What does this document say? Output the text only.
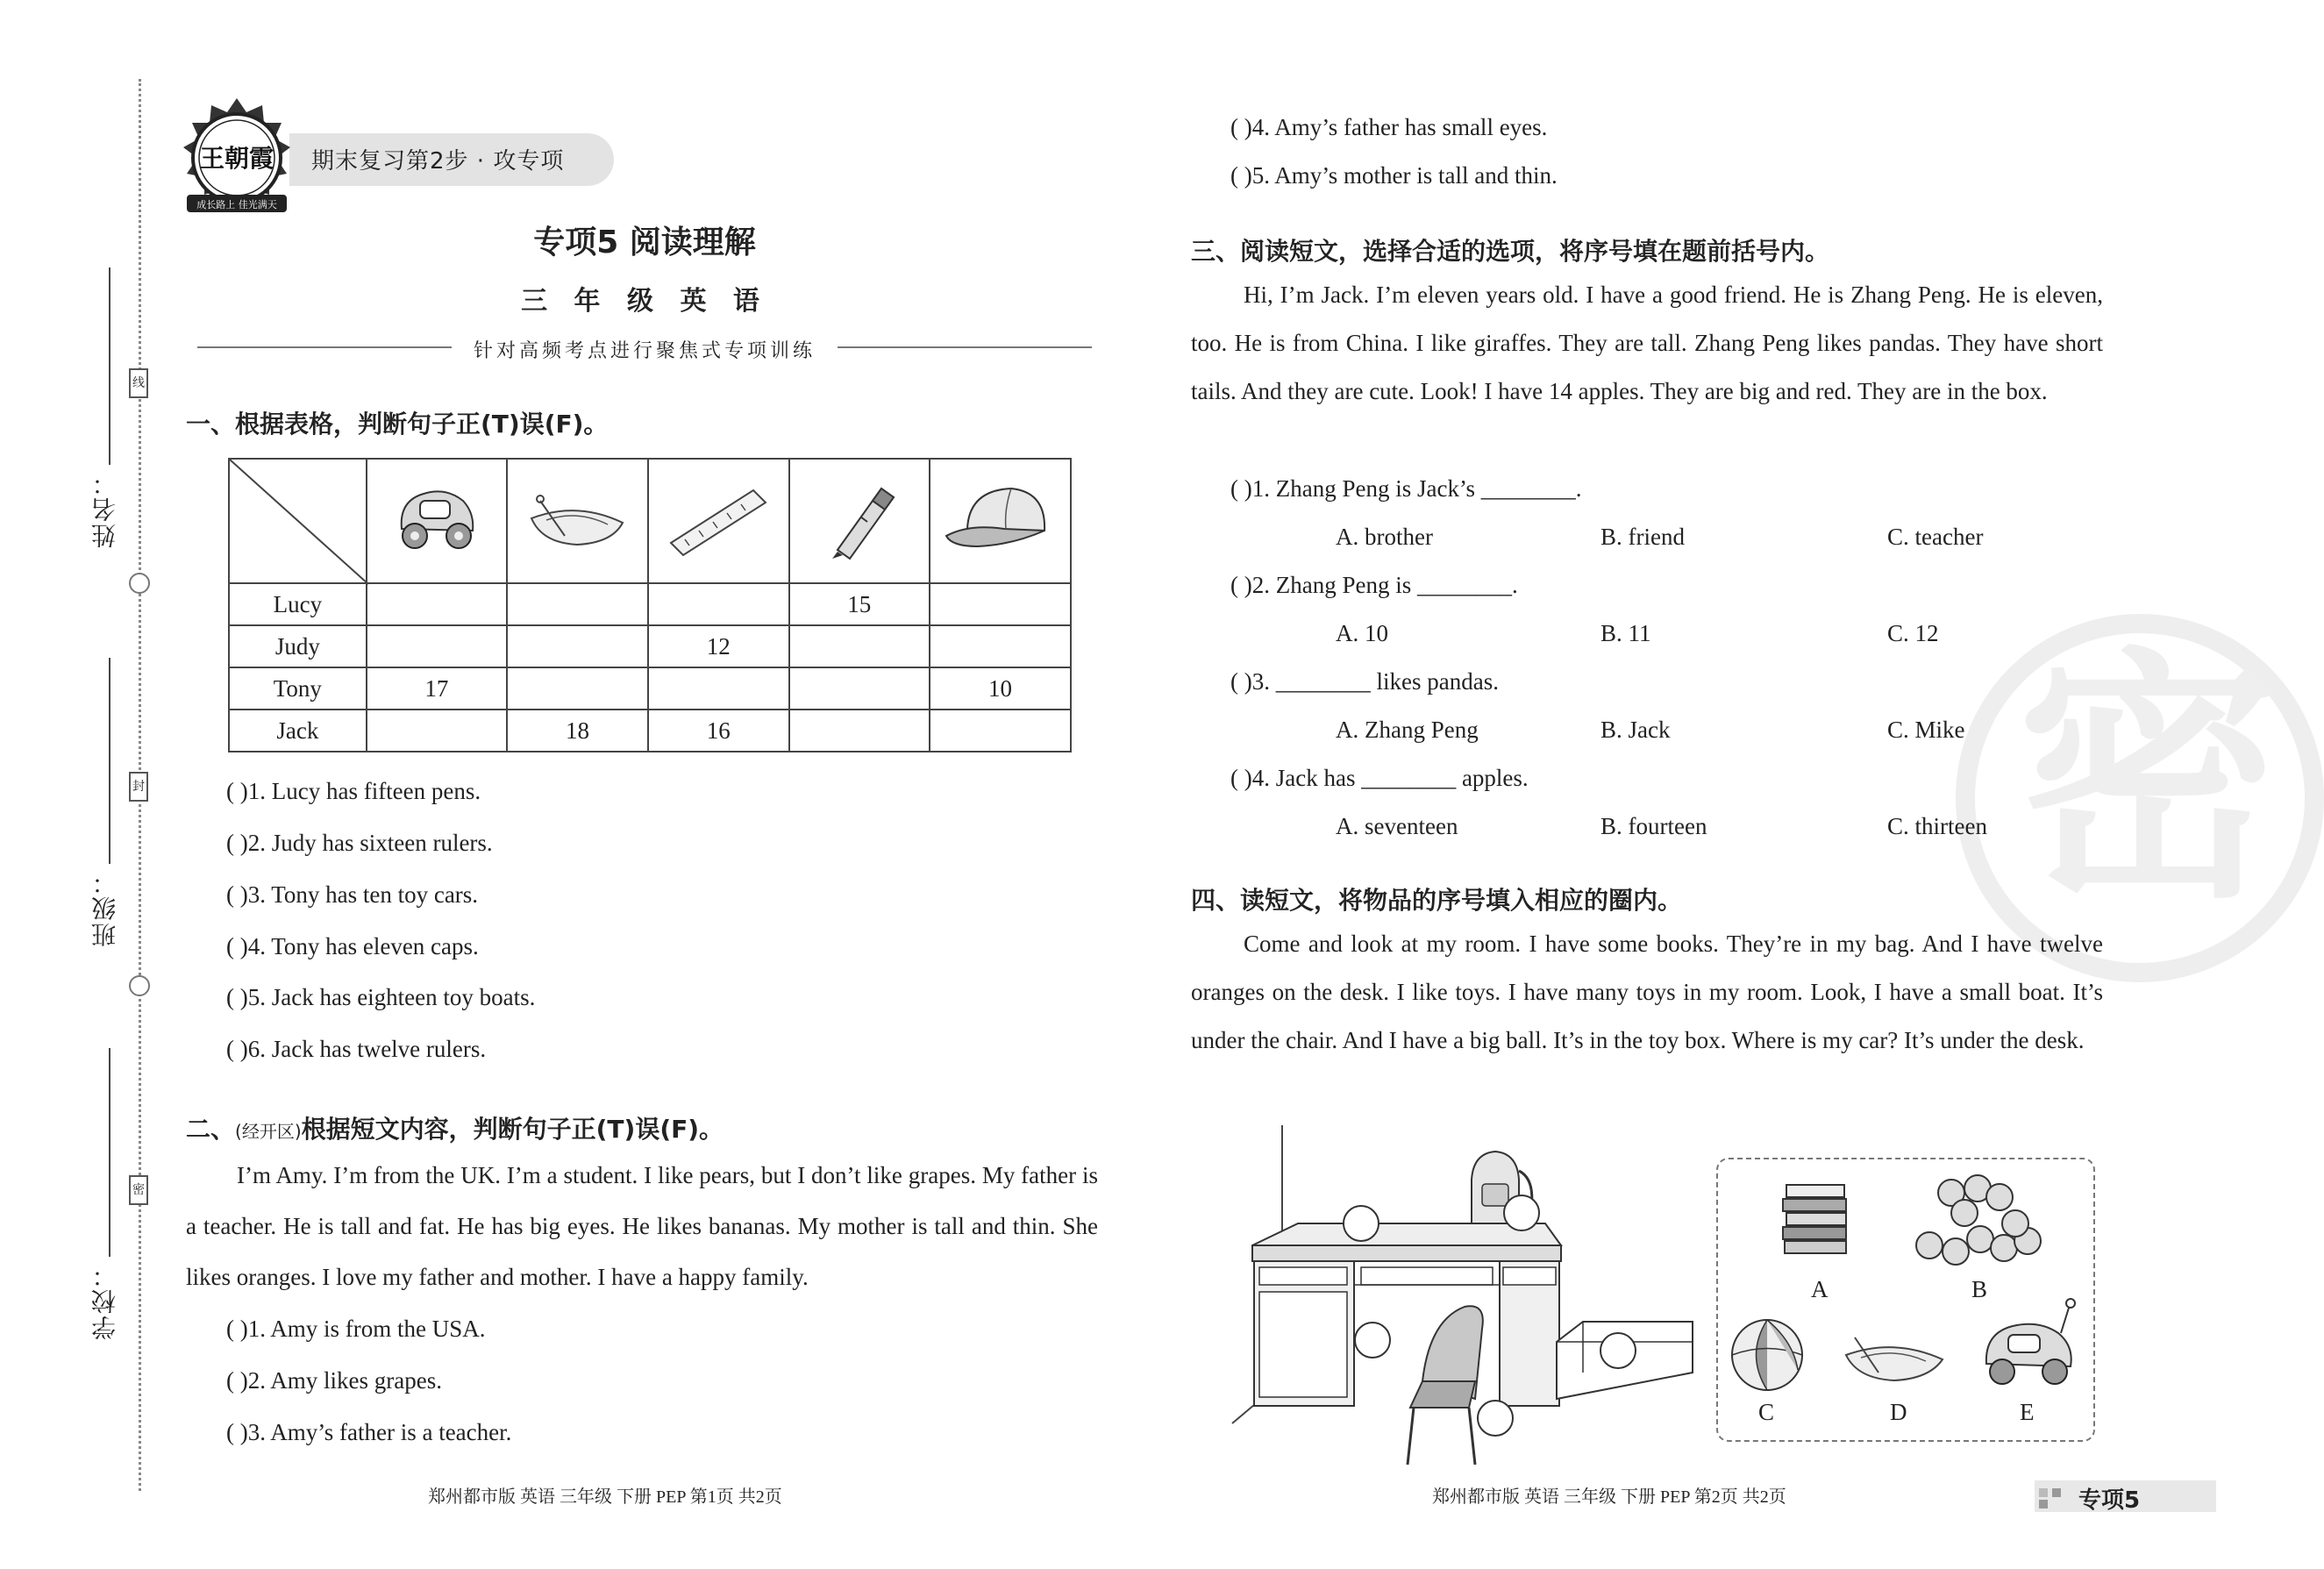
线
封
密
姓名：
班级：
学校：
期末复习第2步 · 攻专项
王朝霞
成长路上 佳光满天
专项5 阅读理解
三 年 级 英 语
针对高频考点进行聚焦式专项训练
一、根据表格，判断句子正(T)误(F)。

Lucy				15	
Judy			12		
Tony	17				10
Jack		18	16		
( )1. Lucy has fifteen pens.
( )2. Judy has sixteen rulers.
( )3. Tony has ten toy cars.
( )4. Tony has eleven caps.
( )5. Jack has eighteen toy boats.
( )6. Jack has twelve rulers.
二、(经开区)根据短文内容，判断句子正(T)误(F)。
I’m Amy. I’m from the UK. I’m a student. I like pears, but I don’t like grapes. My father is a teacher. He is tall and fat. He has big eyes. He likes bananas. My mother is tall and thin. She likes oranges. I love my father and mother. I have a happy family.
( )1. Amy is from the USA.
( )2. Amy likes grapes.
( )3. Amy’s father is a teacher.
( )4. Amy’s father has small eyes.
( )5. Amy’s mother is tall and thin.
密
三、阅读短文，选择合适的选项，将序号填在题前括号内。
Hi, I’m Jack. I’m eleven years old. I have a good friend. He is Zhang Peng. He is eleven, too. He is from China. I like giraffes. They are tall. Zhang Peng likes pandas. They have short tails. And they are cute. Look! I have 14 apples. They are big and red. They are in the box.
( )1. Zhang Peng is Jack’s ________.
A. brother	B. friend	C. teacher
( )2. Zhang Peng is ________.
A. 10	B. 11	C. 12
( )3. ________ likes pandas.
A. Zhang Peng	B. Jack	C. Mike
( )4. Jack has ________ apples.
A. seventeen	B. fourteen	C. thirteen
四、读短文，将物品的序号填入相应的圈内。
Come and look at my room. I have some books. They’re in my bag. And I have twelve oranges on the desk. I like toys. I have many toys in my room. Look, I have a small boat. It’s under the chair. And I have a big ball. It’s in the toy box. Where is my car? It’s under the desk.
A	B
C	D	E
郑州都市版 英语 三年级 下册 PEP 第1页 共2页	郑州都市版 英语 三年级 下册 PEP 第2页 共2页	专项5
